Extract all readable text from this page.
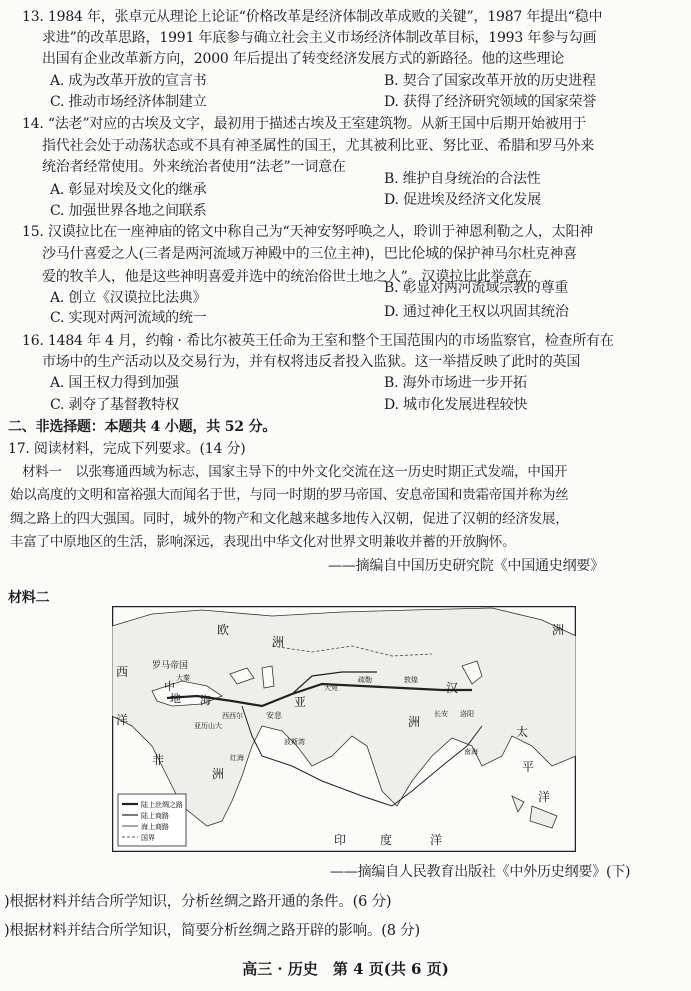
13. 1984 年，张卓元从理论上论证“价格改革是经济体制改革成败的关键”，1987 年提出“稳中
求进”的改革思路，1991 年底参与确立社会主义市场经济体制改革目标，1993 年参与勾画
出国有企业改革新方向，2000 年后提出了转变经济发展方式的新路径。他的这些理论
A. 成为改革开放的宣言书	B. 契合了国家改革开放的历史进程
C. 推动市场经济体制建立	D. 获得了经济研究领域的国家荣誉
14. “法老”对应的古埃及文字，最初用于描述古埃及王室建筑物。从新王国中后期开始被用于
指代社会处于动荡状态或不具有神圣属性的国王，尤其被利比亚、努比亚、希腊和罗马外来
统治者经常使用。外来统治者使用“法老”一词意在
A. 彰显对埃及文化的继承
B. 维护自身统治的合法性
C. 加强世界各地之间联系
D. 促进埃及经济文化发展
15. 汉谟拉比在一座神庙的铭文中称自己为“天神安努呼唤之人，聆训于神恩利勒之人，太阳神
沙马什喜爱之人(三者是两河流域万神殿中的三位主神)，巴比伦城的保护神马尔杜克神喜
爱的牧羊人，他是这些神明喜爱并选中的统治俗世土地之人”。汉谟拉比此举意在
A. 创立《汉谟拉比法典》
B. 彰显对两河流域宗教的尊重
C. 实现对两河流域的统一	D. 通过神化王权以巩固其统治
16. 1484 年 4 月，约翰 · 希比尔被英王任命为王室和整个王国范围内的市场监察官，检查所有在
市场中的生产活动以及交易行为，并有权将违反者投入监狱。这一举措反映了此时的英国
A. 国王权力得到加强	B. 海外市场进一步开拓
C. 剥夺了基督教特权	D. 城市化发展进程较快
二、非选择题：本题共 4 小题，共 52 分。
17. 阅读材料，完成下列要求。(14 分)
材料一　以张骞通西域为标志，国家主导下的中外文化交流在这一历史时期正式发端，中国开
始以高度的文明和富裕强大而闻名于世，与同一时期的罗马帝国、安息帝国和贵霜帝国并称为丝
绸之路上的四大强国。同时，城外的物产和文化越来越多地传入汉朝，促进了汉朝的经济发展，
丰富了中原地区的生活，影响深远，表现出中华文化对世界文明兼收并蓄的开放胸怀。
——摘编自中国历史研究院《中国通史纲要》
材料二
欧
洲
西
洋
罗马帝国
大秦
中
海
地
亚历山大
西西尔	安息
非
洲
红海
亚
洲
波斯湾
大宛
疏勒	敦煌
汉
长安 洛阳
南海
印	度	洋
太
平
洋
洲
陆上丝绸之路
陆上商路
海上商路
国界
——摘编自人民教育出版社《中外历史纲要》(下)
)根据材料并结合所学知识，分析丝绸之路开通的条件。(6 分)
)根据材料并结合所学知识，简要分析丝绸之路开辟的影响。(8 分)
高三 · 历史　第 4 页(共 6 页)
